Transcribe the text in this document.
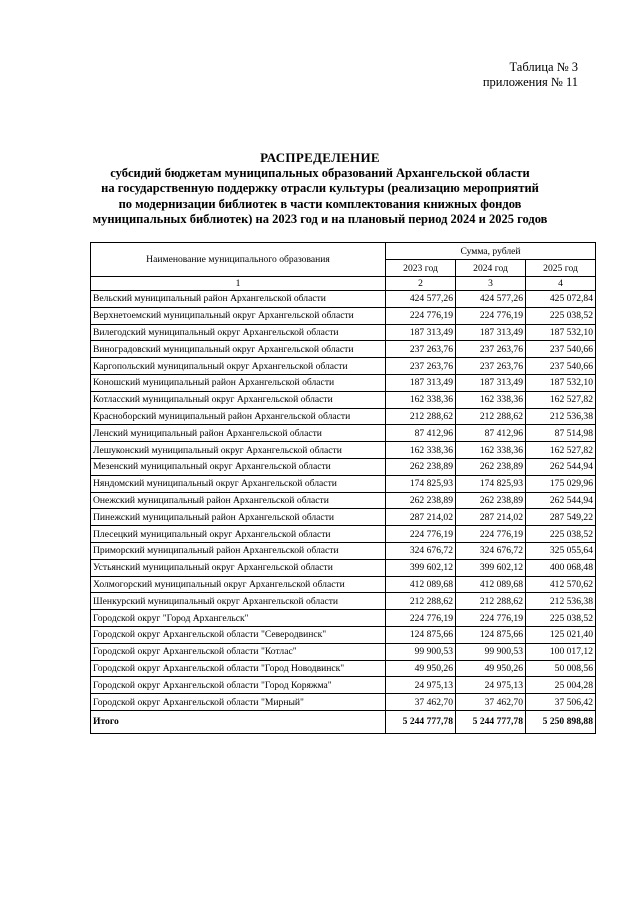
Таблица № 3
приложения № 11
РАСПРЕДЕЛЕНИЕ
субсидий бюджетам муниципальных образований Архангельской области
на государственную поддержку отрасли культуры (реализацию мероприятий
по модернизации библиотек в части комплектования книжных фондов
муниципальных библиотек) на 2023 год и на плановый период 2024 и 2025 годов
Наименование муниципального образования	Сумма, рублей		
	2023 год	2024 год	2025 год
1	2	3	4
Вельский муниципальный район Архангельской области	424 577,26	424 577,26	425 072,84
Верхнетоемский муниципальный округ Архангельской области	224 776,19	224 776,19	225 038,52
Вилегодский муниципальный округ Архангельской области	187 313,49	187 313,49	187 532,10
Виноградовский муниципальный округ Архангельской области	237 263,76	237 263,76	237 540,66
Каргопольский муниципальный округ Архангельской области	237 263,76	237 263,76	237 540,66
Коношский муниципальный район Архангельской области	187 313,49	187 313,49	187 532,10
Котласский муниципальный округ Архангельской области	162 338,36	162 338,36	162 527,82
Красноборский муниципальный район Архангельской области	212 288,62	212 288,62	212 536,38
Ленский муниципальный район Архангельской области	87 412,96	87 412,96	87 514,98
Лешуконский муниципальный округ Архангельской области	162 338,36	162 338,36	162 527,82
Мезенский муниципальный округ Архангельской области	262 238,89	262 238,89	262 544,94
Няндомский муниципальный округ Архангельской области	174 825,93	174 825,93	175 029,96
Онежский муниципальный район Архангельской области	262 238,89	262 238,89	262 544,94
Пинежский муниципальный район Архангельской области	287 214,02	287 214,02	287 549,22
Плесецкий муниципальный округ Архангельской области	224 776,19	224 776,19	225 038,52
Приморский муниципальный район Архангельской области	324 676,72	324 676,72	325 055,64
Устьянский муниципальный округ Архангельской области	399 602,12	399 602,12	400 068,48
Холмогорский муниципальный округ Архангельской области	412 089,68	412 089,68	412 570,62
Шенкурский муниципальный округ Архангельской области	212 288,62	212 288,62	212 536,38
Городской округ "Город Архангельск"	224 776,19	224 776,19	225 038,52
Городской округ Архангельской области "Северодвинск"	124 875,66	124 875,66	125 021,40
Городской округ Архангельской области "Котлас"	99 900,53	99 900,53	100 017,12
Городской округ Архангельской области "Город Новодвинск"	49 950,26	49 950,26	50 008,56
Городской округ Архангельской области "Город Коряжма"	24 975,13	24 975,13	25 004,28
Городской округ Архангельской области "Мирный"	37 462,70	37 462,70	37 506,42
Итого	5 244 777,78	5 244 777,78	5 250 898,88
